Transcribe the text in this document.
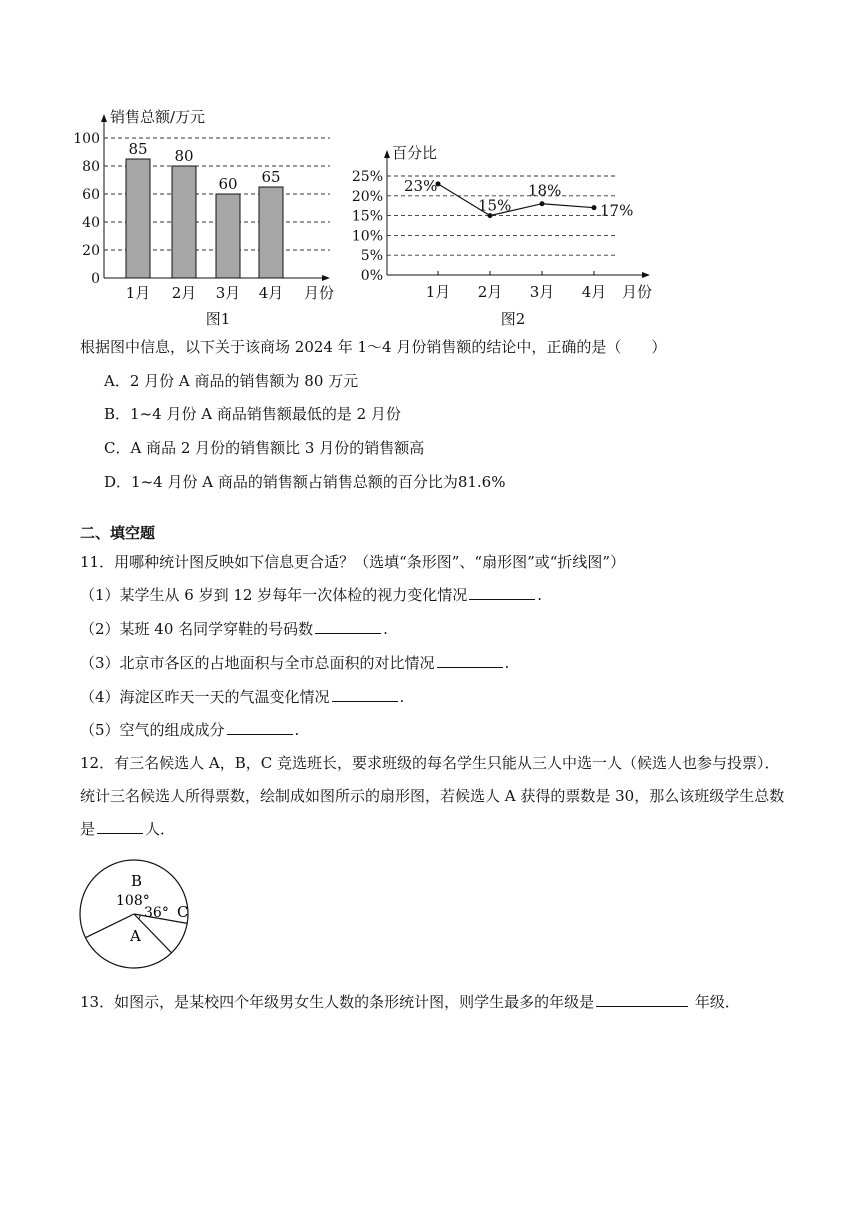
销售总额/万元
月份
0
20
40
60
80
100
85
1月
80
2月
60
3月
65
4月
图1
百分比
月份
0%
5%
10%
15%
20%
25%
1月 2月 3月 4月
23%
15%
18%
17%
图2
根据图中信息，以下关于该商场 2024 年 1～4 月份销售额的结论中，正确的是（　　）
A．2 月份 A 商品的销售额为 80 万元
B．1~4 月份 A 商品销售额最低的是 2 月份
C．A 商品 2 月份的销售额比 3 月份的销售额高
D．1~4 月份 A 商品的销售额占销售总额的百分比为81.6%
二、填空题
11．用哪种统计图反映如下信息更合适？（选填“条形图”、“扇形图”或“折线图”）
（1）某学生从 6 岁到 12 岁每年一次体检的视力变化情况	.
（2）某班 40 名同学穿鞋的号码数	.
（3）北京市各区的占地面积与全市总面积的对比情况	.
（4）海淀区昨天一天的气温变化情况	.
（5）空气的组成成分	.
12．有三名候选人 A，B，C 竞选班长，要求班级的每名学生只能从三人中选一人（候选人也参与投票）．统计三名候选人所得票数，绘制成如图所示的扇形图，若候选人 A 获得的票数是 30，那么该班级学生总数是	人．
B
108°
36° C
A
13．如图示，是某校四个年级男女生人数的条形统计图，则学生最多的年级是	年级．
